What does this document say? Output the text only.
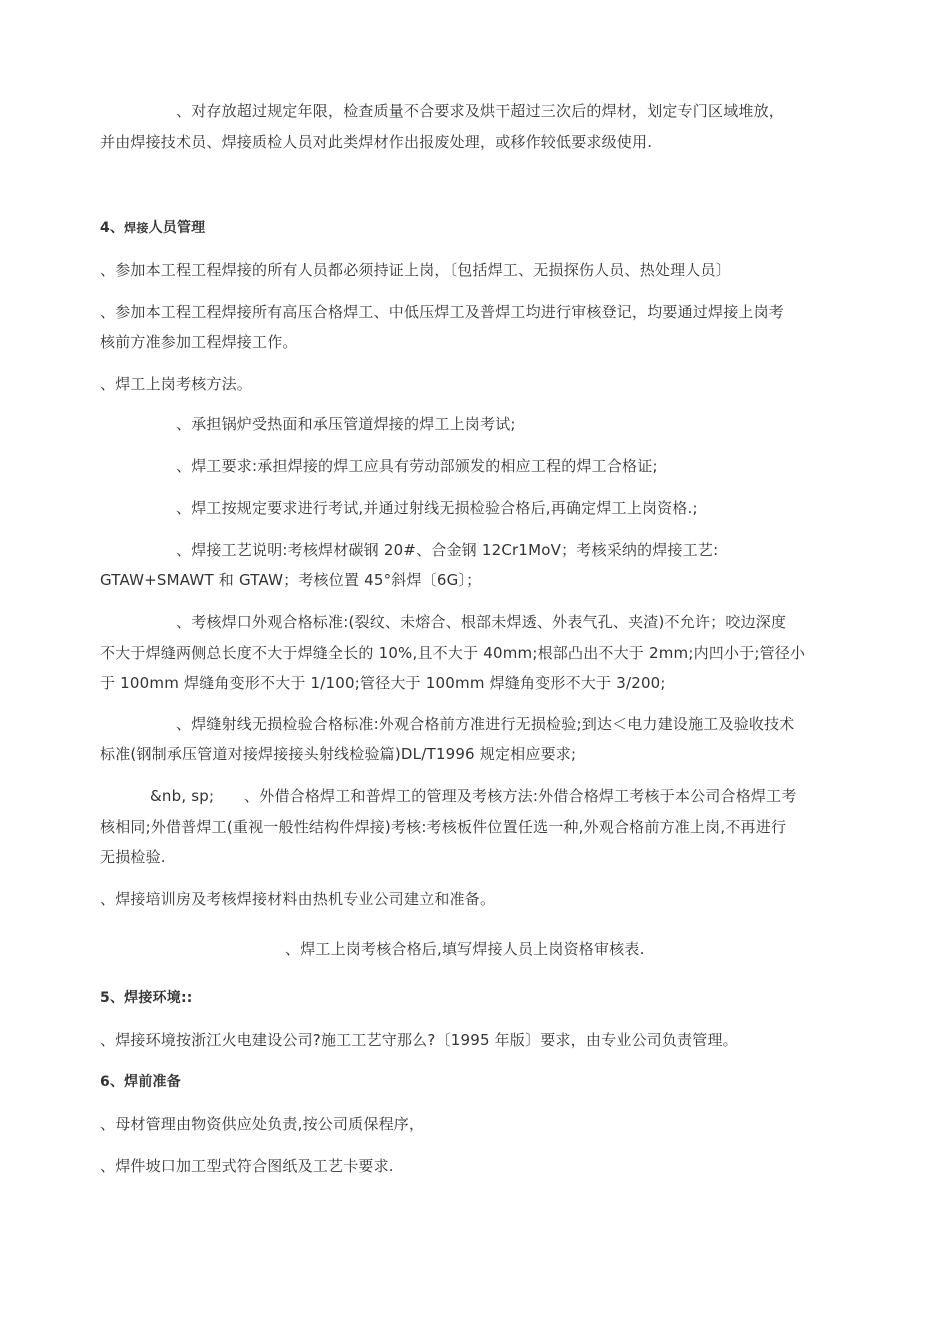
、对存放超过规定年限，检查质量不合要求及烘干超过三次后的焊材，划定专门区域堆放，
并由焊接技术员、焊接质检人员对此类焊材作出报废处理，或移作较低要求级使用.
4、焊接人员管理
、参加本工程工程焊接的所有人员都必须持证上岗，〔包括焊工、无损探伤人员、热处理人员〕
、参加本工程工程焊接所有高压合格焊工、中低压焊工及普焊工均进行审核登记，均要通过焊接上岗考
核前方准参加工程焊接工作。
、焊工上岗考核方法。
、承担锅炉受热面和承压管道焊接的焊工上岗考试;
、焊工要求:承担焊接的焊工应具有劳动部颁发的相应工程的焊工合格证;
、焊工按规定要求进行考试,并通过射线无损检验合格后,再确定焊工上岗资格.;
、焊接工艺说明:考核焊材碳钢 20#、合金钢 12Cr1MoV；考核采纳的焊接工艺:
GTAW+SMAWT 和 GTAW；考核位置 45°斜焊〔6G〕；
、考核焊口外观合格标准:(裂纹、未熔合、根部未焊透、外表气孔、夹渣)不允许；咬边深度
不大于焊缝两侧总长度不大于焊缝全长的 10%,且不大于 40mm;根部凸出不大于 2mm;内凹小于;管径小
于 100mm 焊缝角变形不大于 1/100;管径大于 100mm 焊缝角变形不大于 3/200;
、焊缝射线无损检验合格标准:外观合格前方准进行无损检验;到达＜电力建设施工及验收技术
标准(钢制承压管道对接焊接接头射线检验篇)DL/T1996 规定相应要求;
&nb, sp;      、外借合格焊工和普焊工的管理及考核方法:外借合格焊工考核于本公司合格焊工考
核相同;外借普焊工(重视一般性结构件焊接)考核:考核板件位置任选一种,外观合格前方准上岗,不再进行
无损检验.
、焊接培训房及考核焊接材料由热机专业公司建立和准备。
、焊工上岗考核合格后,填写焊接人员上岗资格审核表.
5、焊接环境::
、焊接环境按浙江火电建设公司?施工工艺守那么?〔1995 年版〕要求，由专业公司负责管理。
6、焊前准备
、母材管理由物资供应处负责,按公司质保程序，
、焊件坡口加工型式符合图纸及工艺卡要求.
